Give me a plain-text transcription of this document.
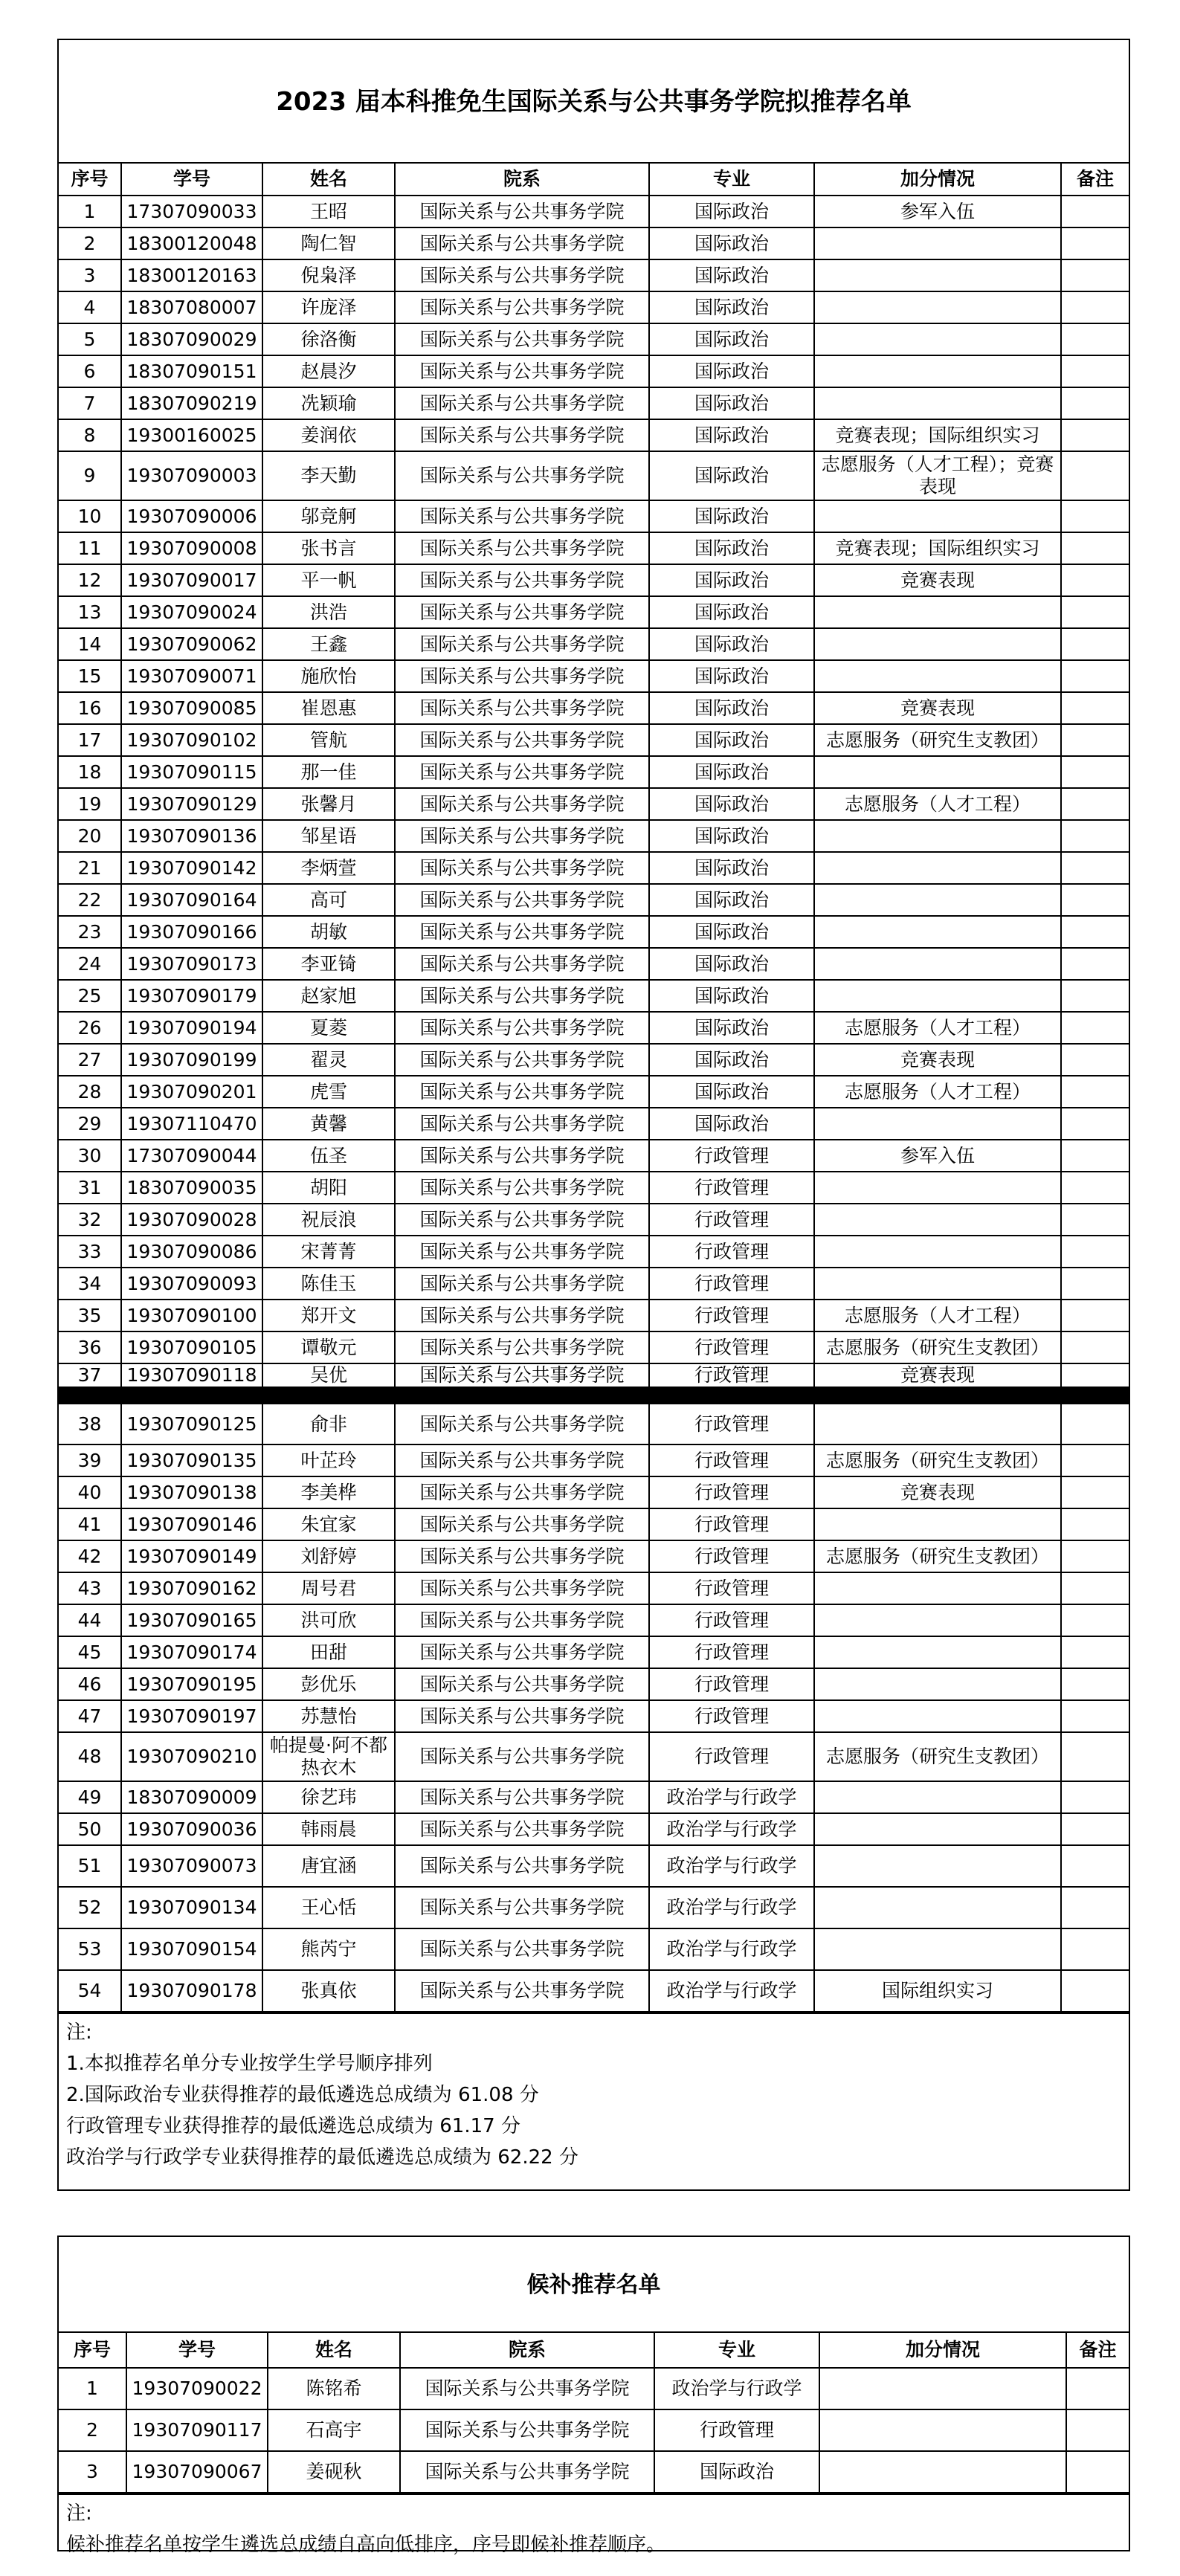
2023 届本科推免生国际关系与公共事务学院拟推荐名单
序号	学号	姓名	院系	专业	加分情况	备注
1	17307090033	王昭	国际关系与公共事务学院	国际政治	参军入伍	
2	18300120048	陶仁智	国际关系与公共事务学院	国际政治		
3	18300120163	倪枭泽	国际关系与公共事务学院	国际政治		
4	18307080007	许庞泽	国际关系与公共事务学院	国际政治		
5	18307090029	徐洛衡	国际关系与公共事务学院	国际政治		
6	18307090151	赵晨汐	国际关系与公共事务学院	国际政治		
7	18307090219	冼颖瑜	国际关系与公共事务学院	国际政治		
8	19300160025	姜润依	国际关系与公共事务学院	国际政治	竞赛表现；国际组织实习	
9	19307090003	李天勤	国际关系与公共事务学院	国际政治	志愿服务（人才工程）；竞赛表现	
10	19307090006	邬竞舸	国际关系与公共事务学院	国际政治		
11	19307090008	张书言	国际关系与公共事务学院	国际政治	竞赛表现；国际组织实习	
12	19307090017	平一帆	国际关系与公共事务学院	国际政治	竞赛表现	
13	19307090024	洪浩	国际关系与公共事务学院	国际政治		
14	19307090062	王鑫	国际关系与公共事务学院	国际政治		
15	19307090071	施欣怡	国际关系与公共事务学院	国际政治		
16	19307090085	崔恩惠	国际关系与公共事务学院	国际政治	竞赛表现	
17	19307090102	管航	国际关系与公共事务学院	国际政治	志愿服务（研究生支教团）	
18	19307090115	那一佳	国际关系与公共事务学院	国际政治		
19	19307090129	张馨月	国际关系与公共事务学院	国际政治	志愿服务（人才工程）	
20	19307090136	邹星语	国际关系与公共事务学院	国际政治		
21	19307090142	李炳萱	国际关系与公共事务学院	国际政治		
22	19307090164	高可	国际关系与公共事务学院	国际政治		
23	19307090166	胡敏	国际关系与公共事务学院	国际政治		
24	19307090173	李亚锜	国际关系与公共事务学院	国际政治		
25	19307090179	赵家旭	国际关系与公共事务学院	国际政治		
26	19307090194	夏菱	国际关系与公共事务学院	国际政治	志愿服务（人才工程）	
27	19307090199	翟灵	国际关系与公共事务学院	国际政治	竞赛表现	
28	19307090201	虎雪	国际关系与公共事务学院	国际政治	志愿服务（人才工程）	
29	19307110470	黄馨	国际关系与公共事务学院	国际政治		
30	17307090044	伍圣	国际关系与公共事务学院	行政管理	参军入伍	
31	18307090035	胡阳	国际关系与公共事务学院	行政管理		
32	19307090028	祝辰浪	国际关系与公共事务学院	行政管理		
33	19307090086	宋菁菁	国际关系与公共事务学院	行政管理		
34	19307090093	陈佳玉	国际关系与公共事务学院	行政管理		
35	19307090100	郑开文	国际关系与公共事务学院	行政管理	志愿服务（人才工程）	
36	19307090105	谭敬元	国际关系与公共事务学院	行政管理	志愿服务（研究生支教团）	
37	19307090118	吴优	国际关系与公共事务学院	行政管理	竞赛表现	
38	19307090125	俞非	国际关系与公共事务学院	行政管理		
39	19307090135	叶芷玲	国际关系与公共事务学院	行政管理	志愿服务（研究生支教团）	
40	19307090138	李美桦	国际关系与公共事务学院	行政管理	竞赛表现	
41	19307090146	朱宜家	国际关系与公共事务学院	行政管理		
42	19307090149	刘舒婷	国际关系与公共事务学院	行政管理	志愿服务（研究生支教团）	
43	19307090162	周号君	国际关系与公共事务学院	行政管理		
44	19307090165	洪可欣	国际关系与公共事务学院	行政管理		
45	19307090174	田甜	国际关系与公共事务学院	行政管理		
46	19307090195	彭优乐	国际关系与公共事务学院	行政管理		
47	19307090197	苏慧怡	国际关系与公共事务学院	行政管理		
48	19307090210	帕提曼·阿不都热衣木	国际关系与公共事务学院	行政管理	志愿服务（研究生支教团）	
49	18307090009	徐艺玮	国际关系与公共事务学院	政治学与行政学		
50	19307090036	韩雨晨	国际关系与公共事务学院	政治学与行政学		
51	19307090073	唐宜涵	国际关系与公共事务学院	政治学与行政学		
52	19307090134	王心恬	国际关系与公共事务学院	政治学与行政学		
53	19307090154	熊芮宁	国际关系与公共事务学院	政治学与行政学		
54	19307090178	张真依	国际关系与公共事务学院	政治学与行政学	国际组织实习	
注:
1.本拟推荐名单分专业按学生学号顺序排列
2.国际政治专业获得推荐的最低遴选总成绩为 61.08 分
行政管理专业获得推荐的最低遴选总成绩为 61.17 分
政治学与行政学专业获得推荐的最低遴选总成绩为 62.22 分
候补推荐名单
序号	学号	姓名	院系	专业	加分情况	备注
1	19307090022	陈铭希	国际关系与公共事务学院	政治学与行政学		
2	19307090117	石高宇	国际关系与公共事务学院	行政管理		
3	19307090067	姜砚秋	国际关系与公共事务学院	国际政治		
注:
候补推荐名单按学生遴选总成绩自高向低排序，序号即候补推荐顺序。
